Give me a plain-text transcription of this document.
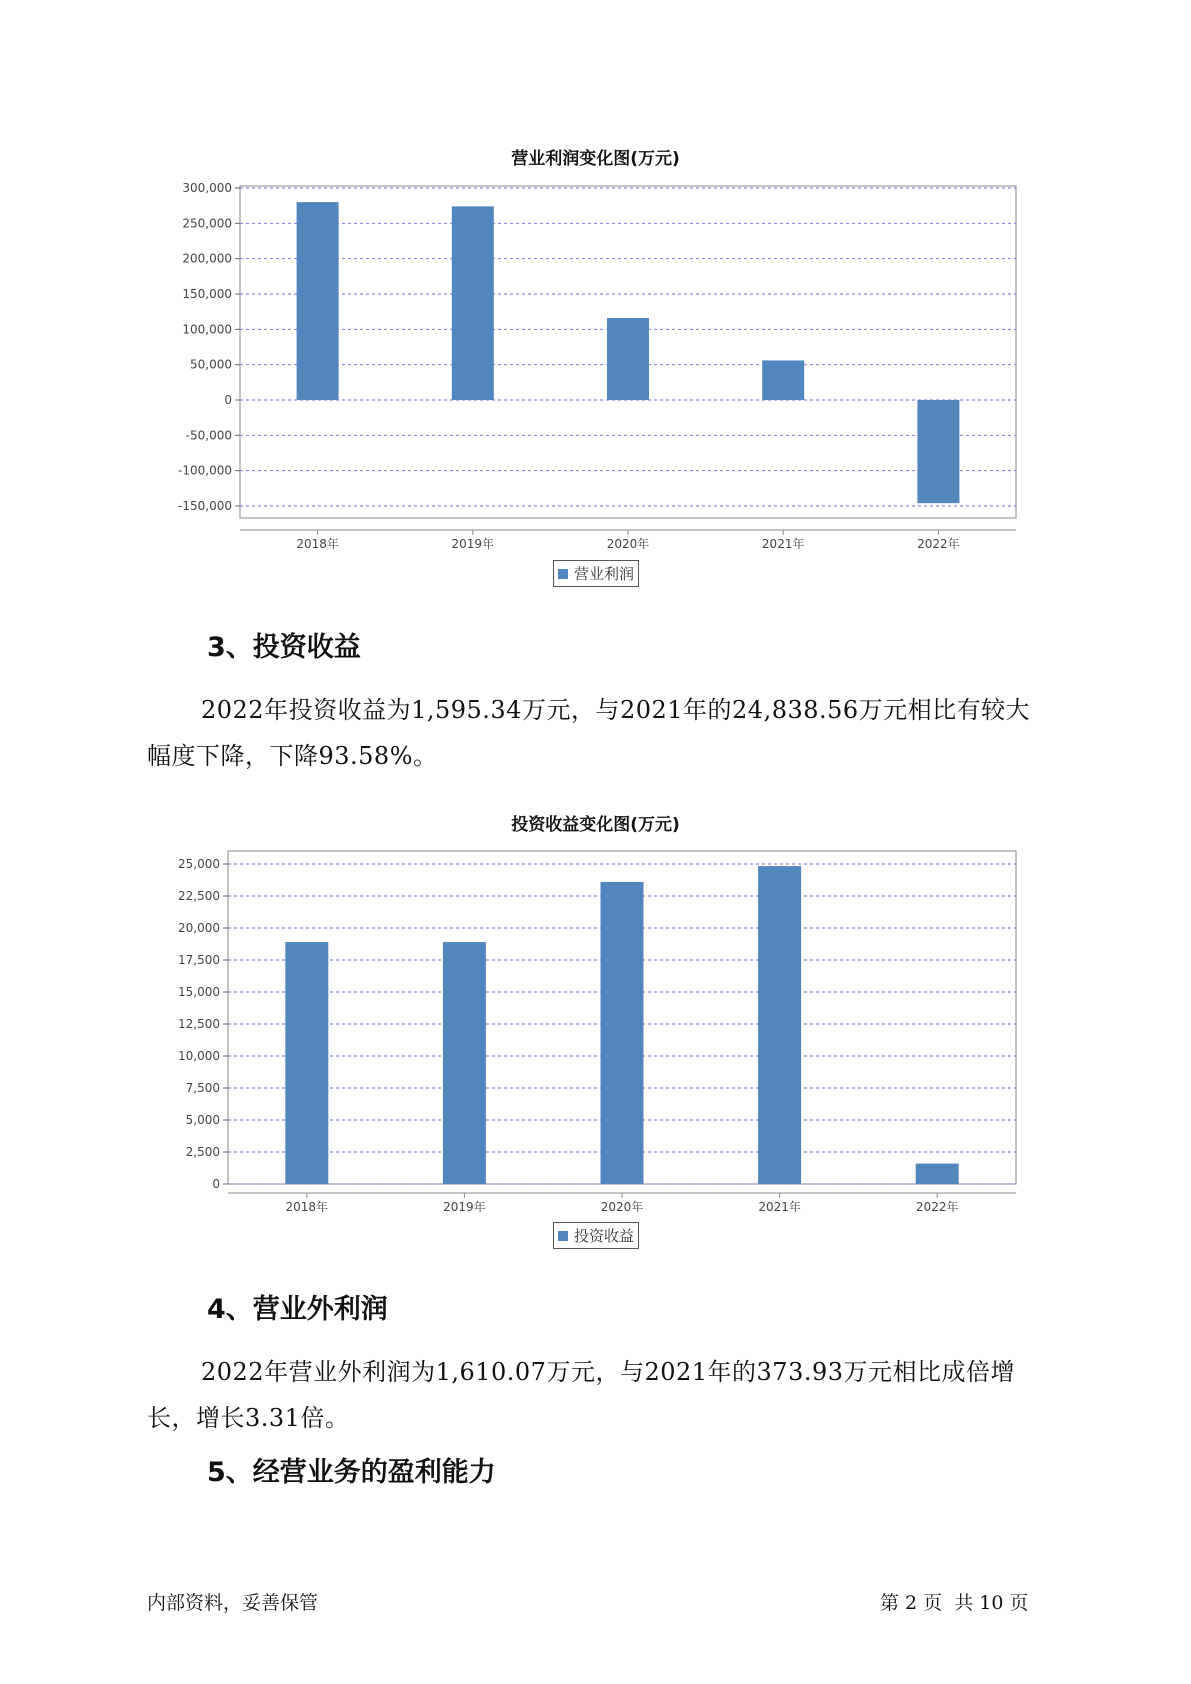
营业利润变化图(万元)
-150,000
-100,000
-50,000
0
50,000
100,000
150,000
200,000
250,000
300,000
2018年	2019年	2020年	2021年	2022年
营业利润
3、投资收益

2022年投资收益为1,595.34万元，与2021年的24,838.56万元相比有较大幅度下降，下降93.58%。

投资收益变化图(万元)
0
2,500
5,000
7,500
10,000
12,500
15,000
17,500
20,000
22,500
25,000
2018年	2019年	2020年	2021年	2022年
投资收益
4、营业外利润

2022年营业外利润为1,610.07万元，与2021年的373.93万元相比成倍增长，增长3.31倍。

5、经营业务的盈利能力
内部资料，妥善保管	第 2 页 共 10 页
